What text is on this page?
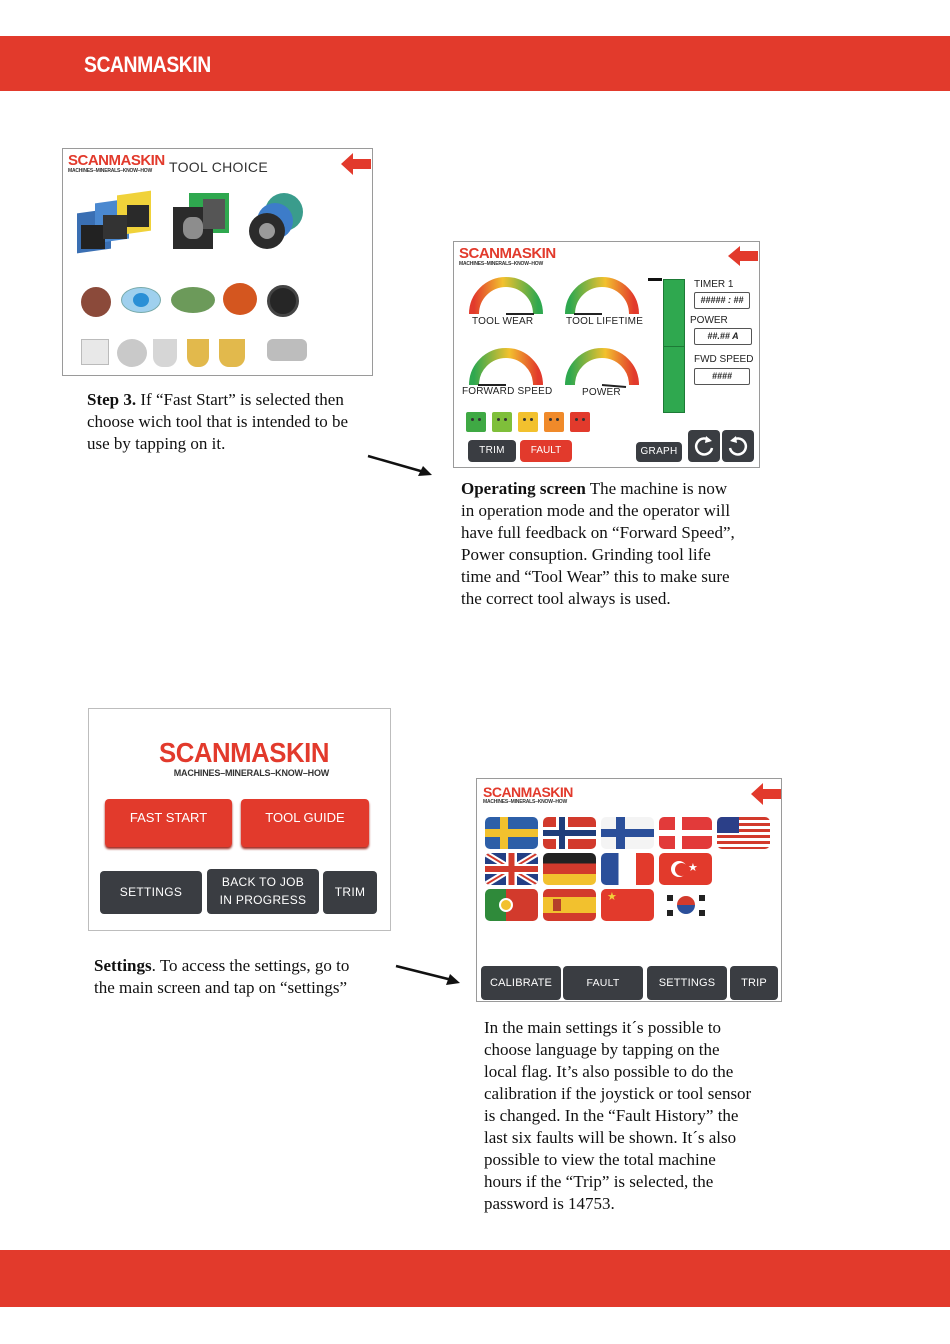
SCANMASKIN
SCANMASKIN
MACHINES–MINERALS–KNOW–HOW	TOOL CHOICE
Step 3. If “Fast Start” is selected then choose wich tool that is intended to be use by tapping on it.
SCANMASKIN
MACHINES–MINERALS–KNOW–HOW
TOOL WEAR	TOOL LIFETIME
FORWARD SPEED	POWER
TIMER 1
##### : ##
POWER
##.## A
FWD SPEED
####
TRIM	FAULT	GRAPH
Operating screen The machine is now in operation mode and the operator will have full feedback on “Forward Speed”, Power consuption. Grinding tool life time and “Tool Wear” this to make sure the correct tool always is used.
SCANMASKIN
MACHINES–MINERALS–KNOW–HOW
FAST START	TOOL GUIDE
SETTINGS
BACK TO JOB
IN PROGRESS
TRIM
Settings. To access the settings, go to the main screen and tap on “settings”
SCANMASKIN
MACHINES–MINERALS–KNOW–HOW
★
★
CALIBRATE	FAULT	SETTINGS	TRIP
In the main settings it´s possible to choose language by tapping on the local flag. It’s also possible to do the calibration if the joystick or tool sensor is changed. In the “Fault History” the last six faults will be shown. It´s also possible to view the total machine hours if the “Trip” is selected, the password is 14753.
